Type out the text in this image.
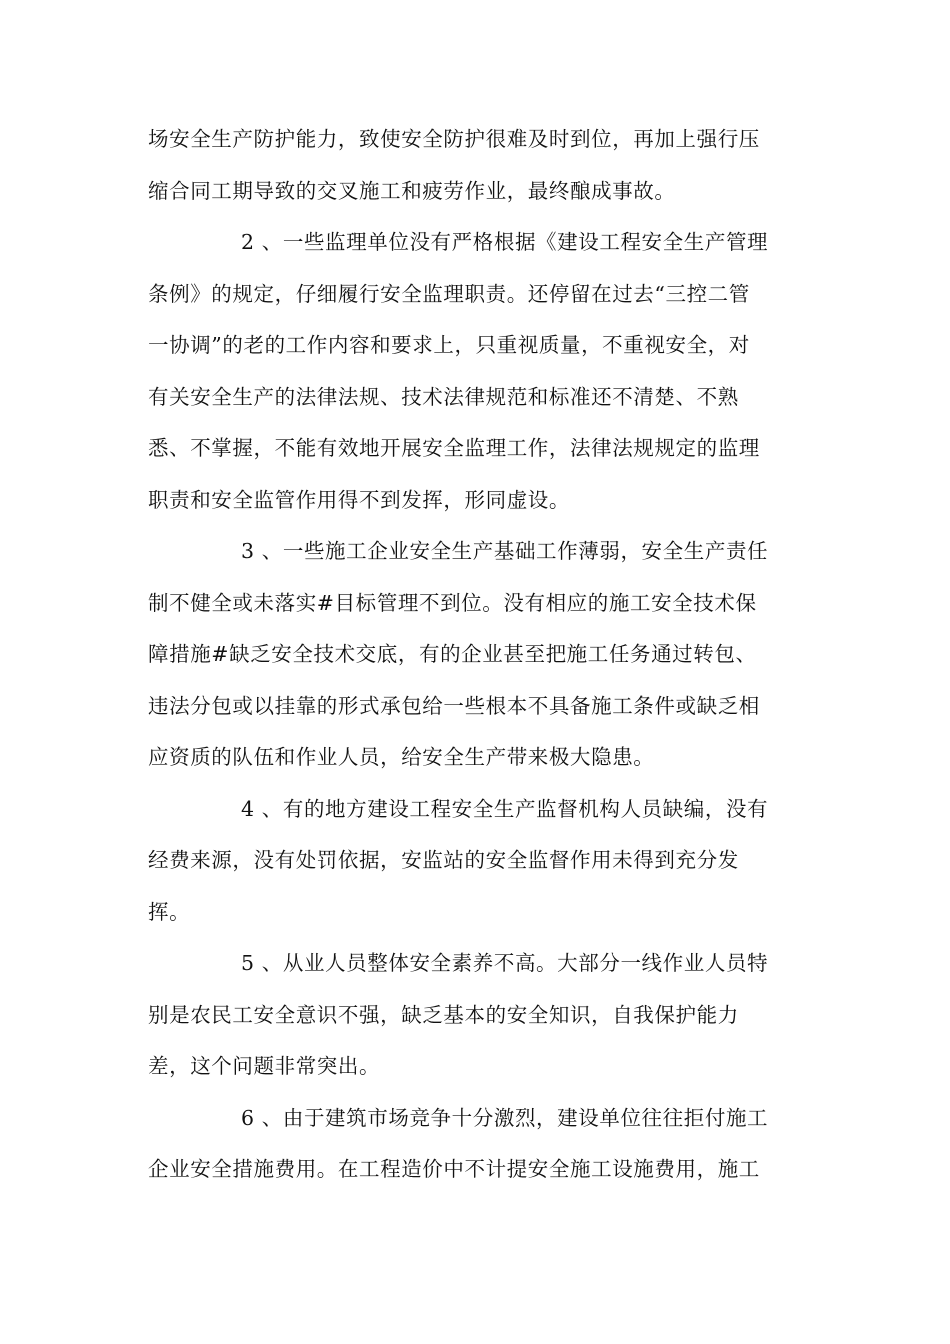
场安全生产防护能力，致使安全防护很难及时到位，再加上强行压
缩合同工期导致的交叉施工和疲劳作业，最终酿成事故。
2 、一些监理单位没有严格根据《建设工程安全生产管理
条例》的规定，仔细履行安全监理职责。还停留在过去“三控二管
一协调”的老的工作内容和要求上，只重视质量，不重视安全，对
有关安全生产的法律法规、技术法律规范和标准还不清楚、不熟
悉、不掌握，不能有效地开展安全监理工作，法律法规规定的监理
职责和安全监管作用得不到发挥，形同虚设。
3 、一些施工企业安全生产基础工作薄弱，安全生产责任
制不健全或未落实#目标管理不到位。没有相应的施工安全技术保
障措施#缺乏安全技术交底，有的企业甚至把施工任务通过转包、
违法分包或以挂靠的形式承包给一些根本不具备施工条件或缺乏相
应资质的队伍和作业人员，给安全生产带来极大隐患。
4 、有的地方建设工程安全生产监督机构人员缺编，没有
经费来源，没有处罚依据，安监站的安全监督作用未得到充分发
挥。
5 、从业人员整体安全素养不高。大部分一线作业人员特
别是农民工安全意识不强，缺乏基本的安全知识，自我保护能力
差，这个问题非常突出。
6 、由于建筑市场竞争十分激烈，建设单位往往拒付施工
企业安全措施费用。在工程造价中不计提安全施工设施费用，施工
